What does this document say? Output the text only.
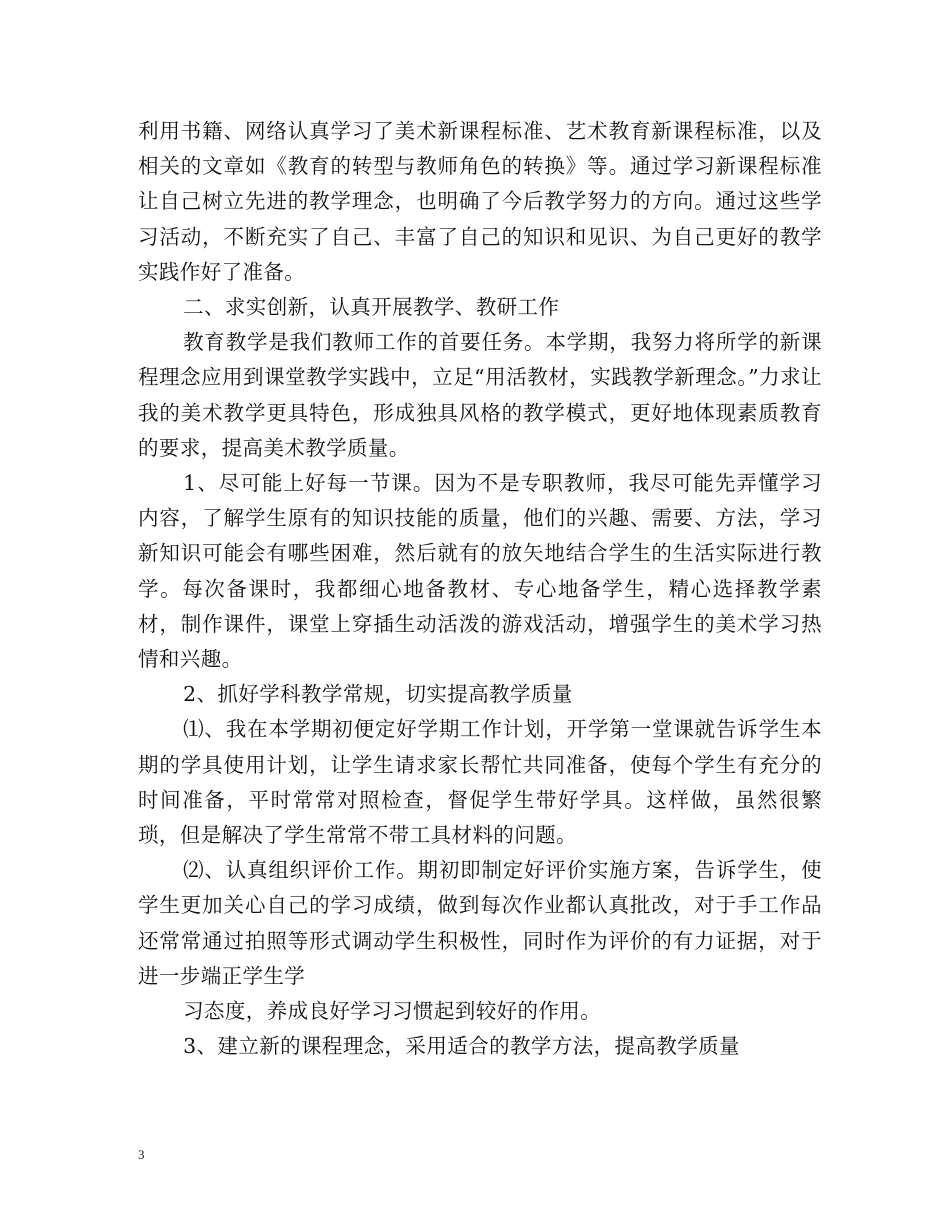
利用书籍、网络认真学习了美术新课程标准、艺术教育新课程标准，以及相关的文章如《教育的转型与教师角色的转换》等。通过学习新课程标准让自己树立先进的教学理念，也明确了今后教学努力的方向。通过这些学习活动，不断充实了自己、丰富了自己的知识和见识、为自己更好的教学实践作好了准备。

二、求实创新，认真开展教学、教研工作

教育教学是我们教师工作的首要任务。本学期，我努力将所学的新课程理念应用到课堂教学实践中，立足“用活教材，实践教学新理念。”力求让我的美术教学更具特色，形成独具风格的教学模式，更好地体现素质教育的要求，提高美术教学质量。

1、尽可能上好每一节课。因为不是专职教师，我尽可能先弄懂学习内容，了解学生原有的知识技能的质量，他们的兴趣、需要、方法，学习新知识可能会有哪些困难，然后就有的放矢地结合学生的生活实际进行教学。每次备课时，我都细心地备教材、专心地备学生，精心选择教学素材，制作课件，课堂上穿插生动活泼的游戏活动，增强学生的美术学习热情和兴趣。

2、抓好学科教学常规，切实提高教学质量

⑴、我在本学期初便定好学期工作计划，开学第一堂课就告诉学生本期的学具使用计划，让学生请求家长帮忙共同准备，使每个学生有充分的时间准备，平时常常对照检查，督促学生带好学具。这样做，虽然很繁琐，但是解决了学生常常不带工具材料的问题。

⑵、认真组织评价工作。期初即制定好评价实施方案，告诉学生，使学生更加关心自己的学习成绩，做到每次作业都认真批改，对于手工作品还常常通过拍照等形式调动学生积极性，同时作为评价的有力证据，对于进一步端正学生学

习态度，养成良好学习习惯起到较好的作用。

3、建立新的课程理念，采用适合的教学方法，提高教学质量

3
